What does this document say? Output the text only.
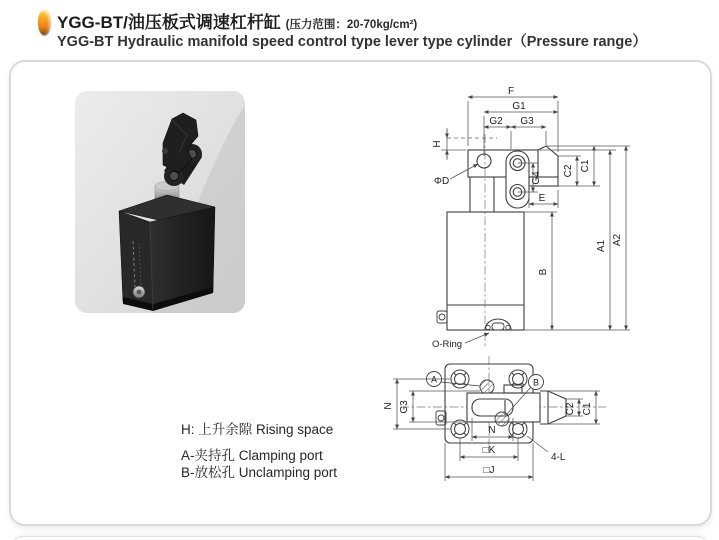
YGG-BT/油压板式调速杠杆缸 (压力范围：20-70kg/cm²)
YGG-BT Hydraulic manifold speed control type lever type cylinder（Pressure range）
F
G1
G2 G3
H
ΦD	G4
E
C2 C1
B
A1 A2
O-Ring
A	B
N G3	C2 C1
N
□K
□J
4-L

H: 上升余隙 Rising space

A-夹持孔 Clamping port

B-放松孔 Unclamping port
